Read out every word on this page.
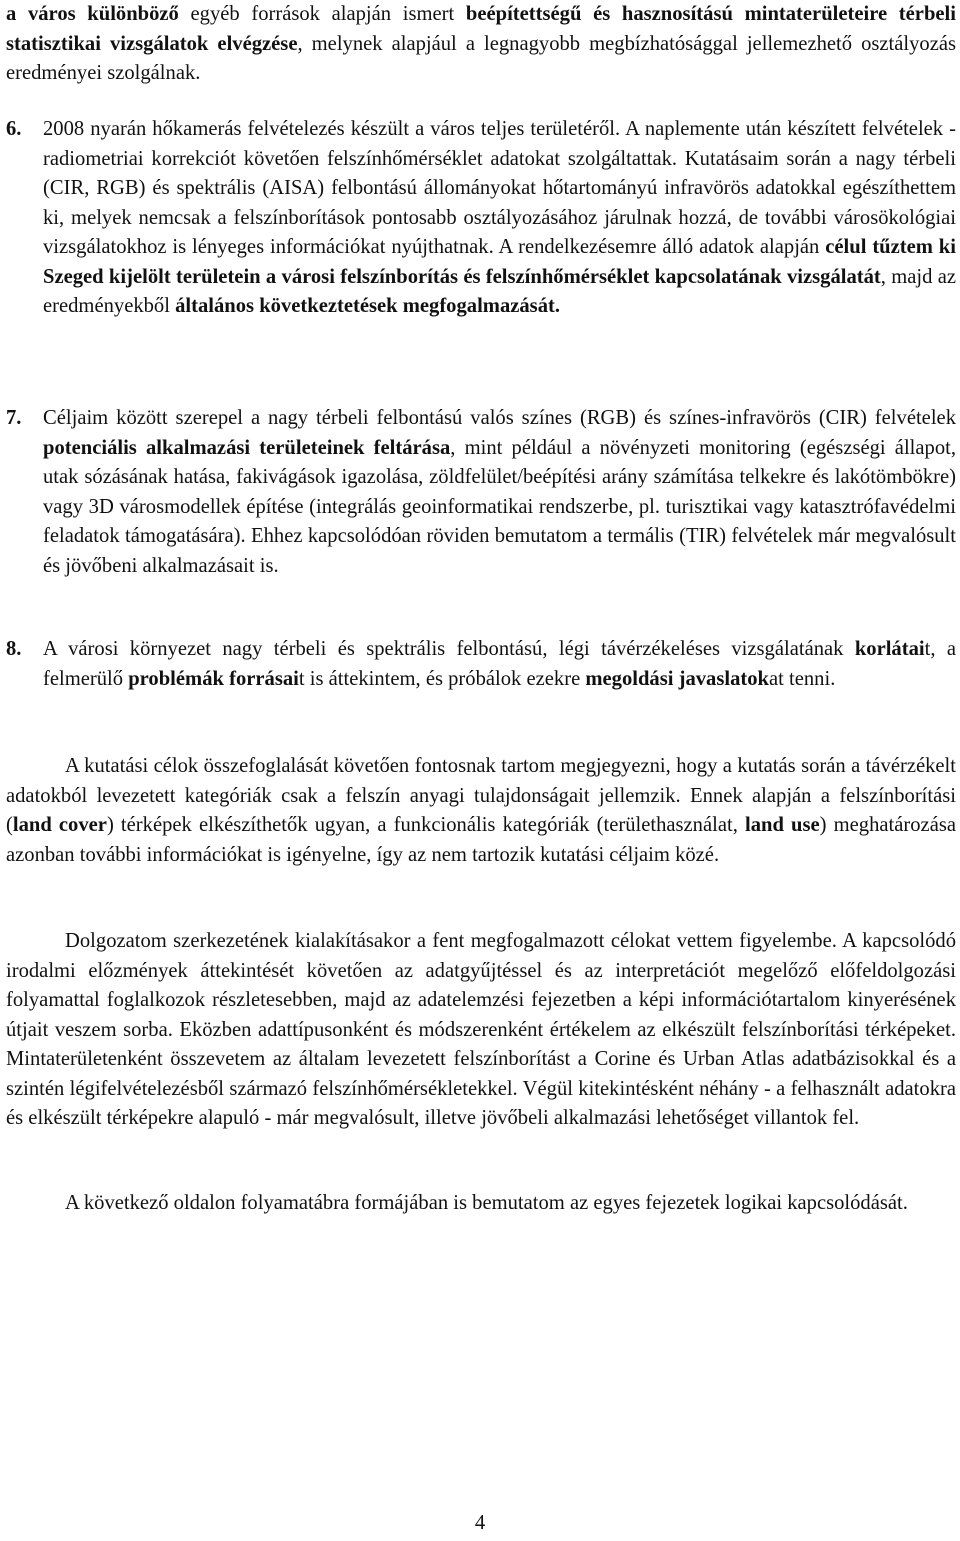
a város különböző egyéb források alapján ismert beépítettségű és hasznosítású mintaterületeire térbeli statisztikai vizsgálatok elvégzése, melynek alapjául a legnagyobb megbízhatósággal jellemezhető osztályozás eredményei szolgálnak.

6. 2008 nyarán hőkamerás felvételezés készült a város teljes területéről. A naplemente után készített felvételek - radiometriai korrekciót követően felszínhőmérséklet adatokat szolgáltattak. Kutatásaim során a nagy térbeli (CIR, RGB) és spektrális (AISA) felbontású állományokat hőtartományú infravörös adatokkal egészíthettem ki, melyek nemcsak a felszínborítások pontosabb osztályozásához járulnak hozzá, de további városökológiai vizsgálatokhoz is lényeges információkat nyújthatnak. A rendelkezésemre álló adatok alapján célul tűztem ki Szeged kijelölt területein a városi felszínborítás és felszínhőmérséklet kapcsolatának vizsgálatát, majd az eredményekből általános következtetések megfogalmazását.
7. Céljaim között szerepel a nagy térbeli felbontású valós színes (RGB) és színes-infravörös (CIR) felvételek potenciális alkalmazási területeinek feltárása, mint például a növényzeti monitoring (egészségi állapot, utak sózásának hatása, fakivágások igazolása, zöldfelület/beépítési arány számítása telkekre és lakótömbökre) vagy 3D városmodellek építése (integrálás geoinformatikai rendszerbe, pl. turisztikai vagy katasztrófavédelmi feladatok támogatására). Ehhez kapcsolódóan röviden bemutatom a termális (TIR) felvételek már megvalósult és jövőbeni alkalmazásait is.
8. A városi környezet nagy térbeli és spektrális felbontású, légi távérzékeléses vizsgálatának korlátait, a felmerülő problémák forrásait is áttekintem, és próbálok ezekre megoldási javaslatokat tenni.

A kutatási célok összefoglalását követően fontosnak tartom megjegyezni, hogy a kutatás során a távérzékelt adatokból levezetett kategóriák csak a felszín anyagi tulajdonságait jellemzik. Ennek alapján a felszínborítási (land cover) térképek elkészíthetők ugyan, a funkcionális kategóriák (területhasználat, land use) meghatározása azonban további információkat is igényelne, így az nem tartozik kutatási céljaim közé.

Dolgozatom szerkezetének kialakításakor a fent megfogalmazott célokat vettem figyelembe. A kapcsolódó irodalmi előzmények áttekintését követően az adatgyűjtéssel és az interpretációt megelőző előfeldolgozási folyamattal foglalkozok részletesebben, majd az adatelemzési fejezetben a képi információtartalom kinyerésének útjait veszem sorba. Eközben adattípusonként és módszerenként értékelem az elkészült felszínborítási térképeket. Mintaterületenként összevetem az általam levezetett felszínborítást a Corine és Urban Atlas adatbázisokkal és a szintén légifelvételezésből származó felszínhőmérsékletekkel. Végül kitekintésként néhány - a felhasznált adatokra és elkészült térképekre alapuló - már megvalósult, illetve jövőbeli alkalmazási lehetőséget villantok fel.

A következő oldalon folyamatábra formájában is bemutatom az egyes fejezetek logikai kapcsolódását.

4
